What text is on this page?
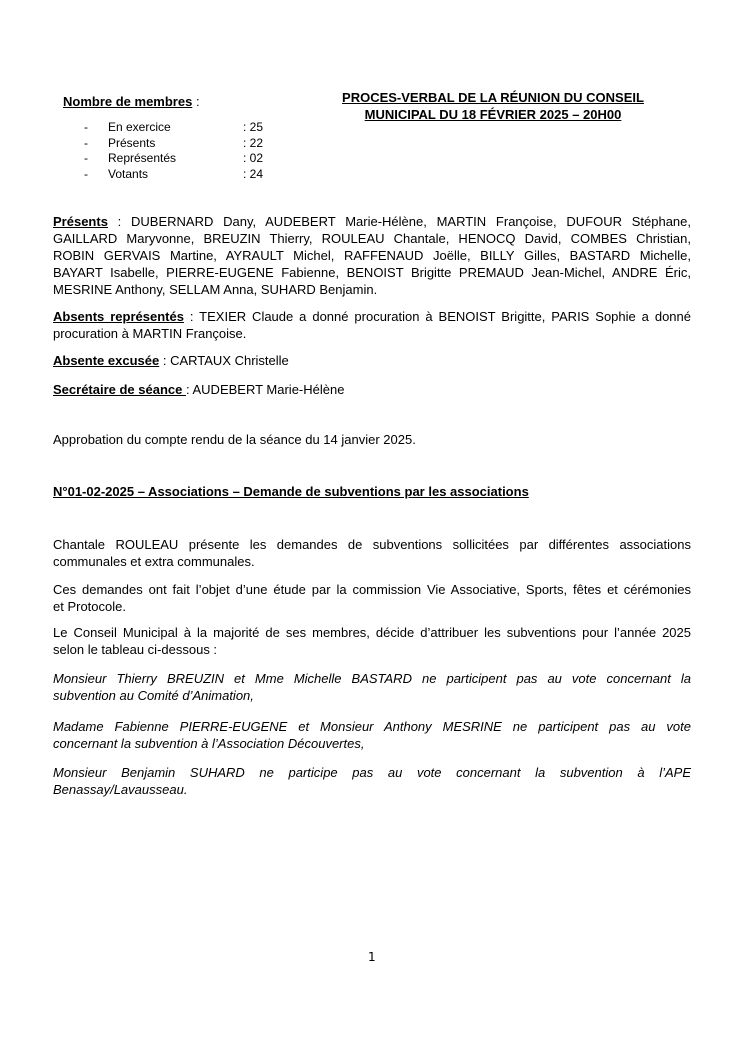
Nombre de membres :
-	En exercice	: 25
-	Présents	: 22
-	Représentés	: 02
-	Votants	: 24
PROCES-VERBAL DE LA RÉUNION DU CONSEIL
MUNICIPAL DU 18 FÉVRIER 2025 – 20H00
Présents : DUBERNARD Dany, AUDEBERT Marie-Hélène, MARTIN Françoise, DUFOUR Stéphane,
GAILLARD Maryvonne, BREUZIN Thierry, ROULEAU Chantale, HENOCQ David, COMBES Christian,
ROBIN GERVAIS Martine, AYRAULT Michel, RAFFENAUD Joëlle, BILLY Gilles, BASTARD Michelle,
BAYART Isabelle, PIERRE-EUGENE Fabienne, BENOIST Brigitte PREMAUD Jean-Michel, ANDRE Éric,
MESRINE Anthony, SELLAM Anna, SUHARD Benjamin.
Absents représentés : TEXIER Claude a donné procuration à BENOIST Brigitte, PARIS Sophie a donné
procuration à MARTIN Françoise.
Absente excusée : CARTAUX Christelle
Secrétaire de séance : AUDEBERT Marie-Hélène
Approbation du compte rendu de la séance du 14 janvier 2025.
N°01-02-2025 – Associations – Demande de subventions par les associations
Chantale ROULEAU présente les demandes de subventions sollicitées par différentes associations
communales et extra communales.
Ces demandes ont fait l’objet d’une étude par la commission Vie Associative, Sports, fêtes et cérémonies
et Protocole.
Le Conseil Municipal à la majorité de ses membres, décide d’attribuer les subventions pour l’année 2025
selon le tableau ci-dessous :
Monsieur Thierry BREUZIN et Mme Michelle BASTARD ne participent pas au vote concernant la
subvention au Comité d’Animation,
Madame Fabienne PIERRE-EUGENE et Monsieur Anthony MESRINE ne participent pas au vote
concernant la subvention à l’Association Découvertes,
Monsieur Benjamin SUHARD ne participe pas au vote concernant la subvention à l’APE
Benassay/Lavausseau.
1
